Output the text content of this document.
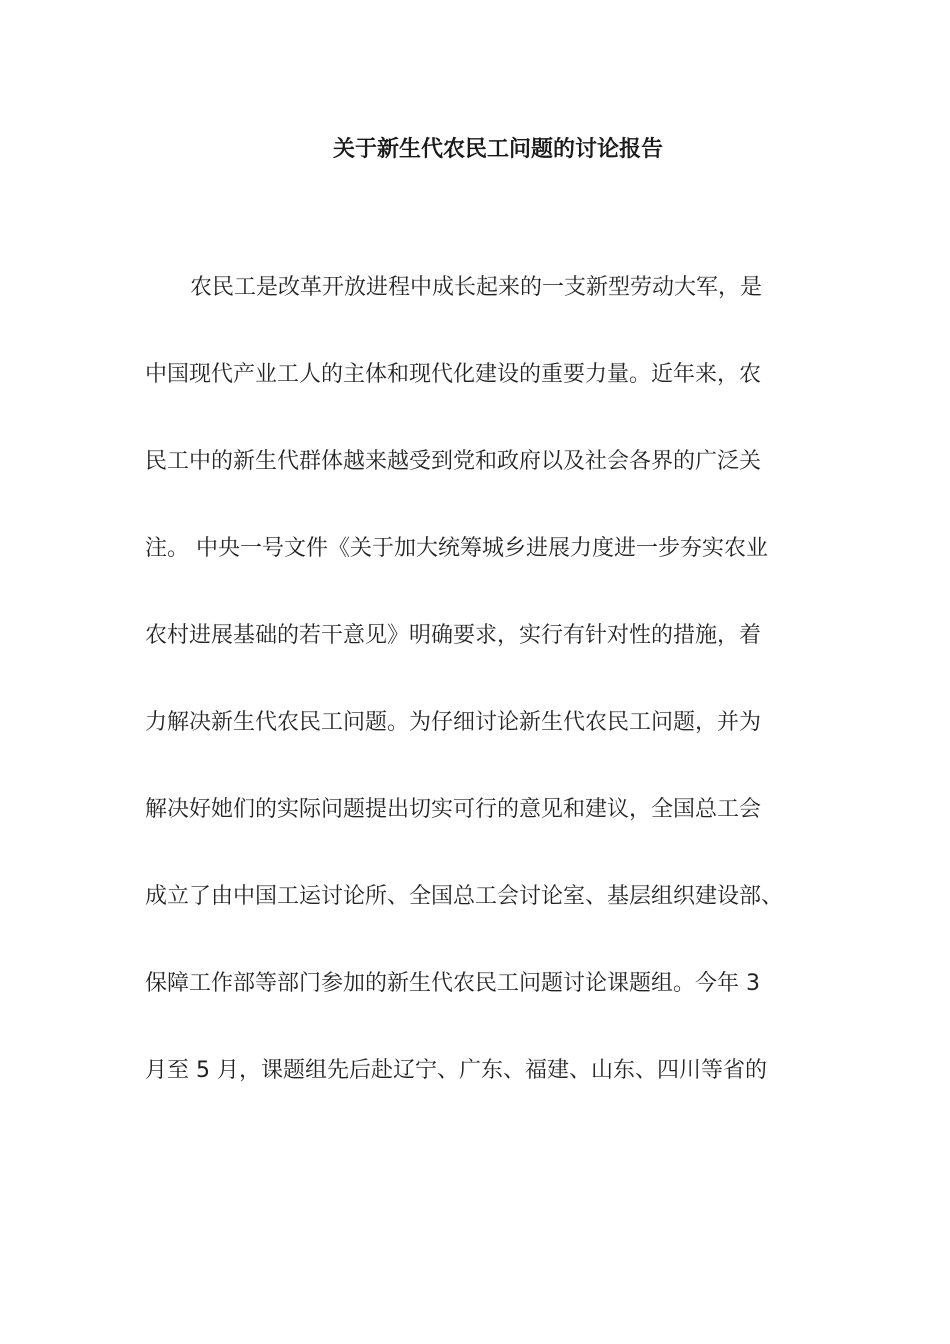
关于新生代农民工问题的讨论报告
农民工是改革开放进程中成长起来的一支新型劳动大军，是
中国现代产业工人的主体和现代化建设的重要力量。近年来，农
民工中的新生代群体越来越受到党和政府以及社会各界的广泛关
注。 中央一号文件《关于加大统筹城乡进展力度进一步夯实农业
农村进展基础的若干意见》明确要求，实行有针对性的措施，着
力解决新生代农民工问题。为仔细讨论新生代农民工问题，并为
解决好她们的实际问题提出切实可行的意见和建议，全国总工会
成立了由中国工运讨论所、全国总工会讨论室、基层组织建设部、
保障工作部等部门参加的新生代农民工问题讨论课题组。今年 3
月至 5 月，课题组先后赴辽宁、广东、福建、山东、四川等省的
